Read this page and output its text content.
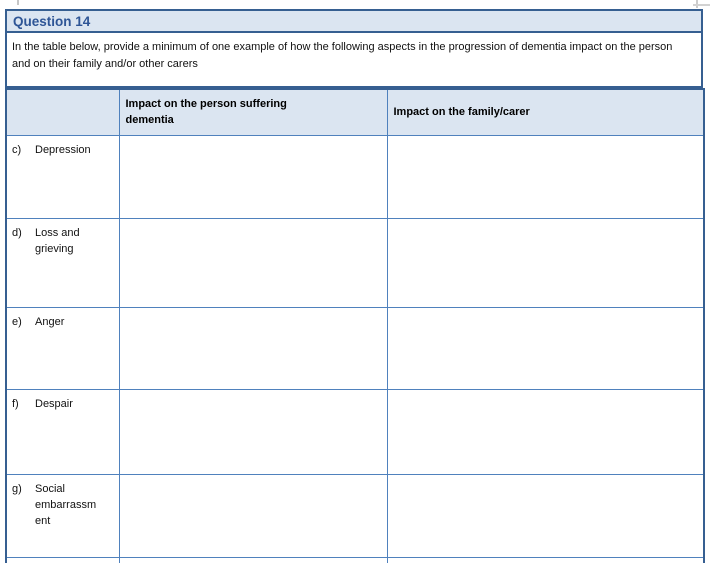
Question 14
In the table below, provide a minimum of one example of how the following aspects in the progression of dementia impact on the person and on their family and/or other carers
	Impact on the person suffering dementia	Impact on the family/carer

c) Depression		

d) Loss and grieving		

e) Anger		

f) Despair		

g) Social embarrassment		
